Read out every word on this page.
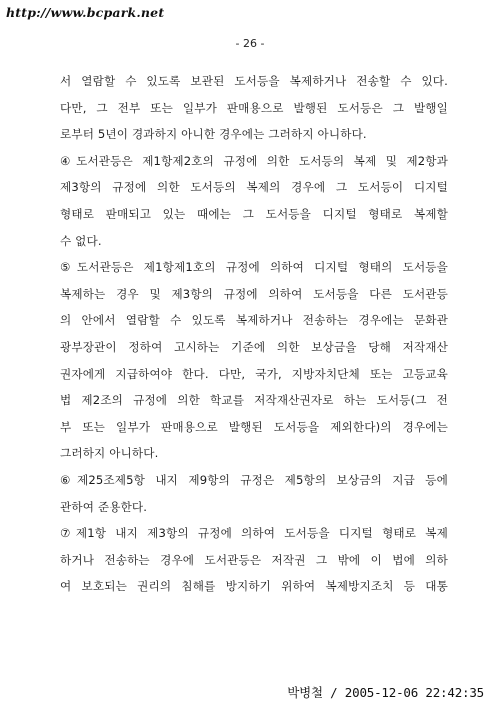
http://www.bcpark.net
- 26 -
서 열람할 수 있도록 보관된 도서등을 복제하거나 전송할 수 있다.
다만, 그 전부 또는 일부가 판매용으로 발행된 도서등은 그 발행일
로부터 5년이 경과하지 아니한 경우에는 그러하지 아니하다.
④도서관등은 제1항제2호의 규정에 의한 도서등의 복제 및 제2항과
제3항의 규정에 의한 도서등의 복제의 경우에 그 도서등이 디지털
형태로 판매되고 있는 때에는 그 도서등을 디지털 형태로 복제할
수 없다.
⑤도서관등은 제1항제1호의 규정에 의하여 디지털 형태의 도서등을
복제하는 경우 및 제3항의 규정에 의하여 도서등을 다른 도서관등
의 안에서 열람할 수 있도록 복제하거나 전송하는 경우에는 문화관
광부장관이 정하여 고시하는 기준에 의한 보상금을 당해 저작재산
권자에게 지급하여야 한다. 다만, 국가, 지방자치단체 또는 고등교육
법 제2조의 규정에 의한 학교를 저작재산권자로 하는 도서등(그 전
부 또는 일부가 판매용으로 발행된 도서등을 제외한다)의 경우에는
그러하지 아니하다.
⑥제25조제5항 내지 제9항의 규정은 제5항의 보상금의 지급 등에
관하여 준용한다.
⑦제1항 내지 제3항의 규정에 의하여 도서등을 디지털 형태로 복제
하거나 전송하는 경우에 도서관등은 저작권 그 밖에 이 법에 의하
여 보호되는 권리의 침해를 방지하기 위하여 복제방지조치 등 대통
박병철 / 2005-12-06 22:42:35
